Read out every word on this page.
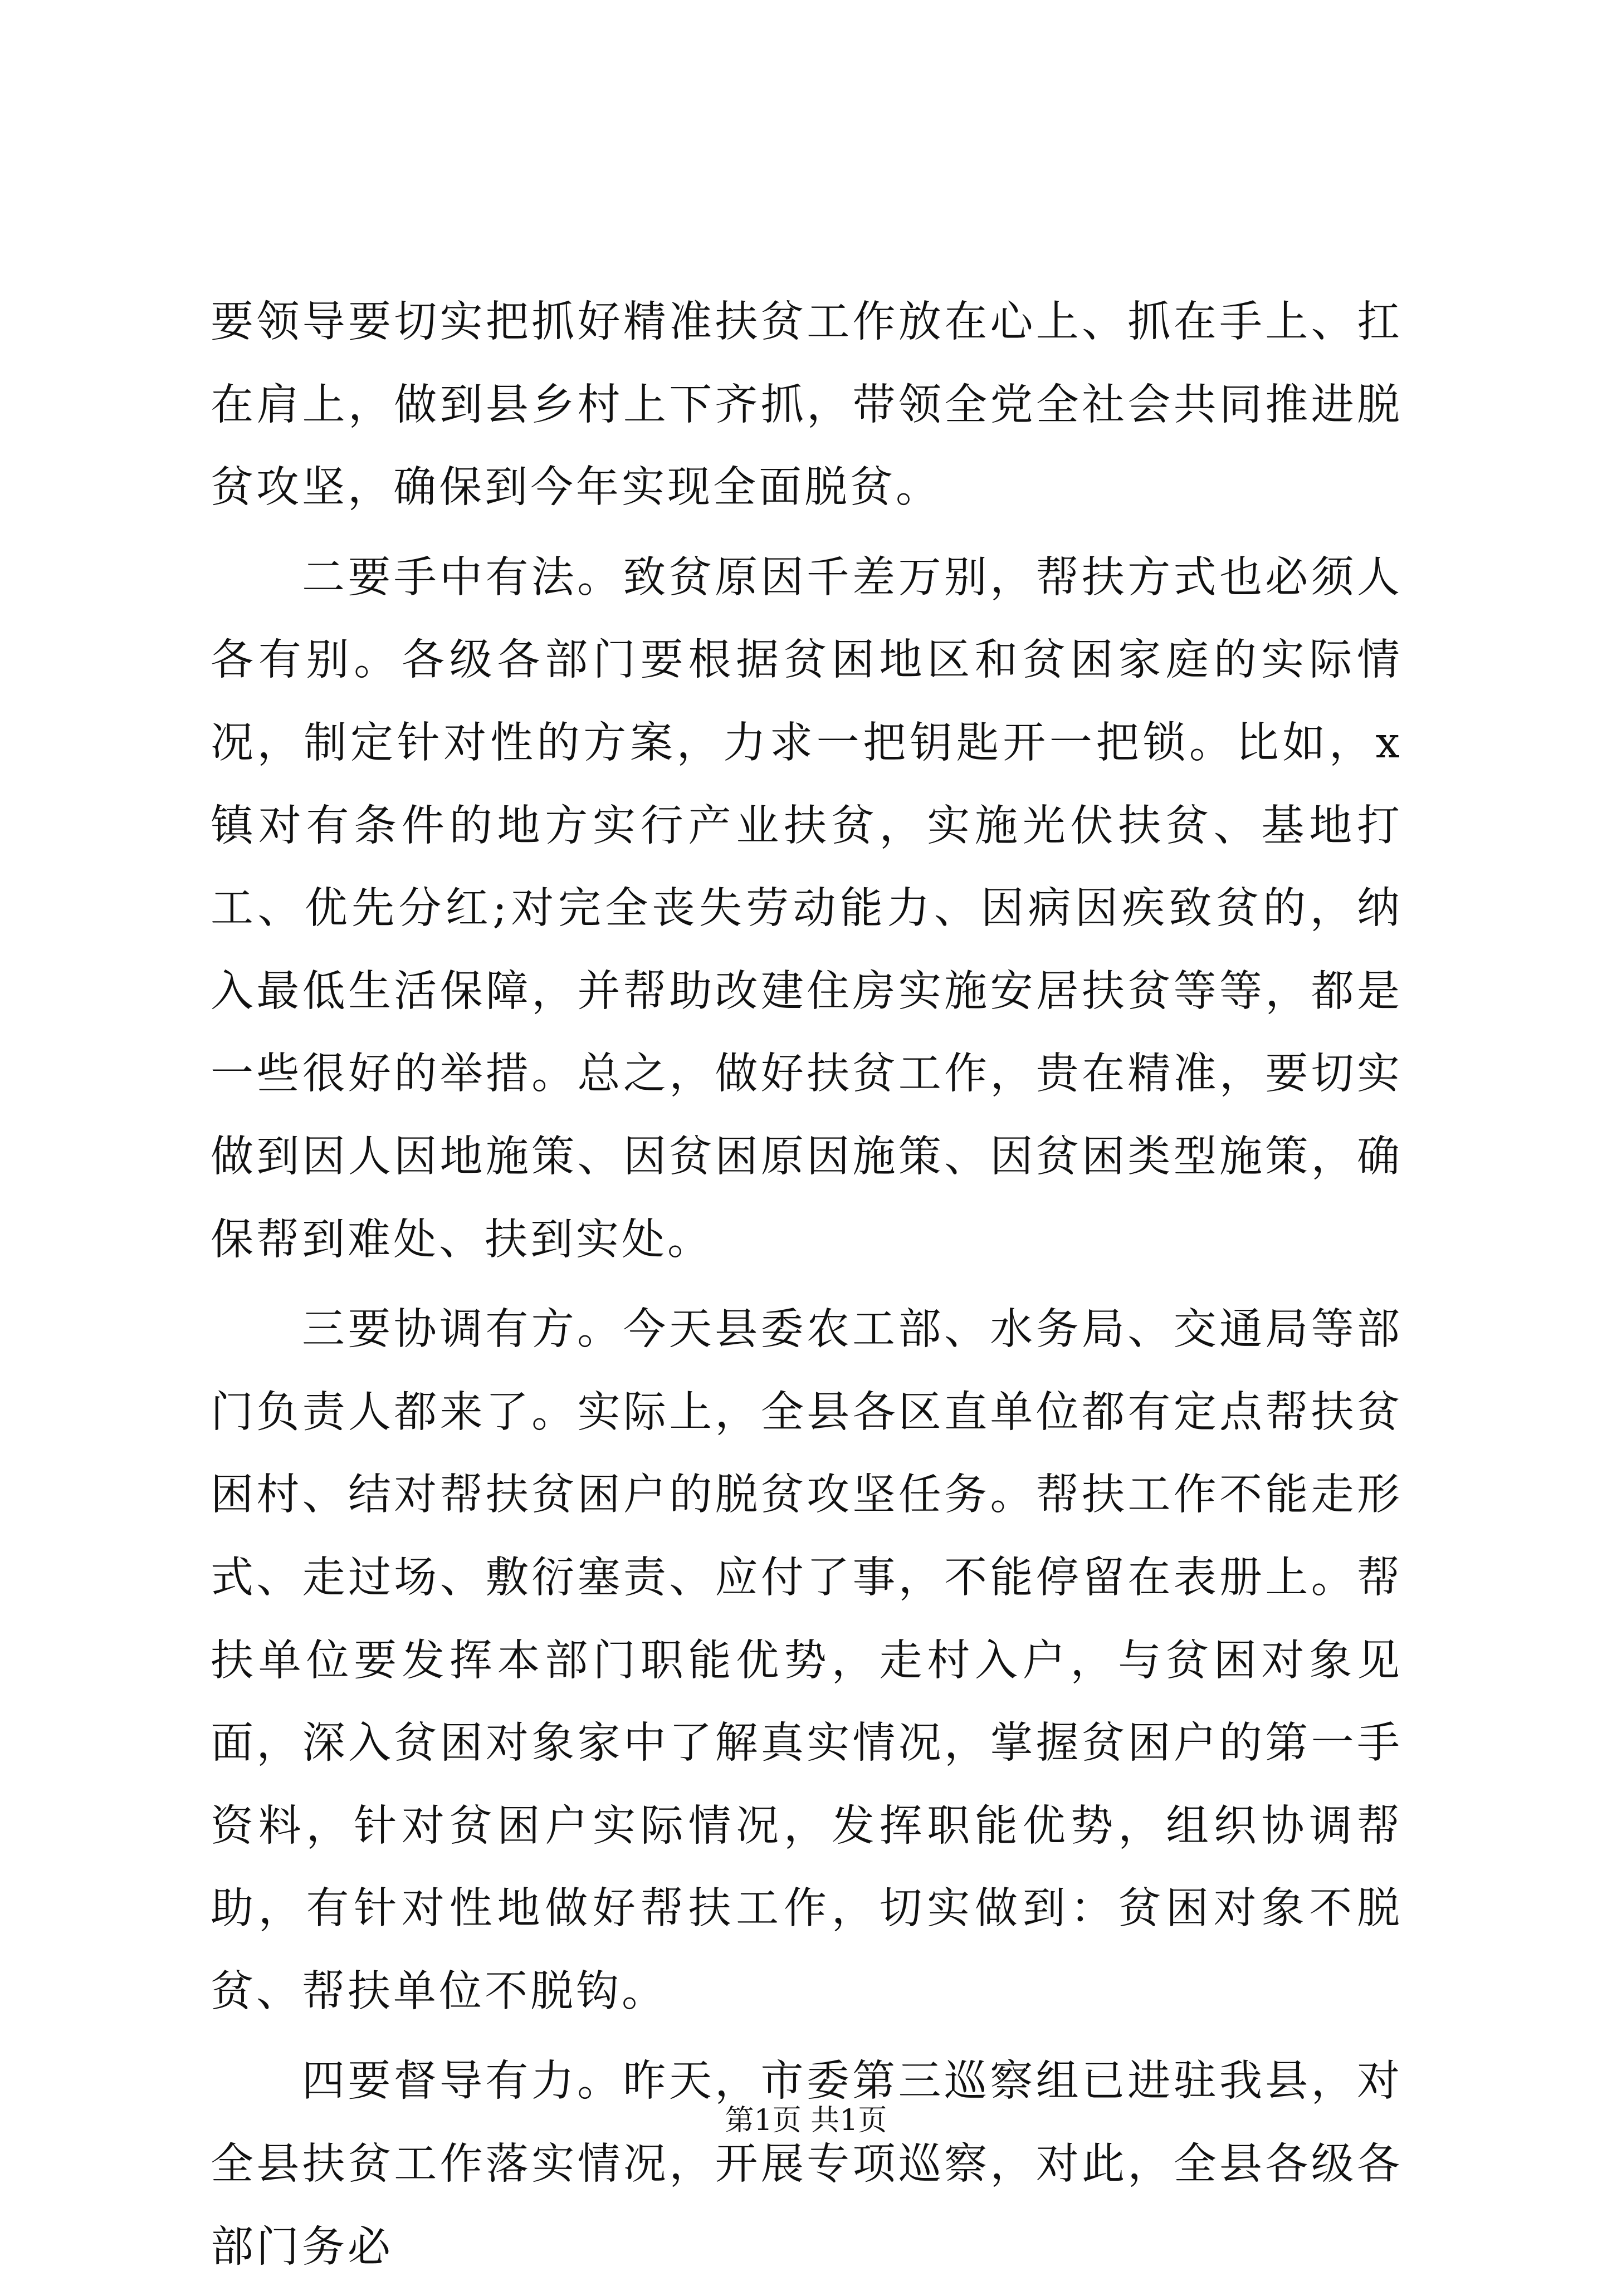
要领导要切实把抓好精准扶贫工作放在心上、抓在手上、扛在肩上，做到县乡村上下齐抓，带领全党全社会共同推进脱贫攻坚，确保到今年实现全面脱贫。

二要手中有法。致贫原因千差万别，帮扶方式也必须人各有别。各级各部门要根据贫困地区和贫困家庭的实际情况，制定针对性的方案，力求一把钥匙开一把锁。比如，x镇对有条件的地方实行产业扶贫，实施光伏扶贫、基地打工、优先分红;对完全丧失劳动能力、因病因疾致贫的，纳入最低生活保障，并帮助改建住房实施安居扶贫等等，都是一些很好的举措。总之，做好扶贫工作，贵在精准，要切实做到因人因地施策、因贫困原因施策、因贫困类型施策，确保帮到难处、扶到实处。

三要协调有方。今天县委农工部、水务局、交通局等部门负责人都来了。实际上，全县各区直单位都有定点帮扶贫困村、结对帮扶贫困户的脱贫攻坚任务。帮扶工作不能走形式、走过场、敷衍塞责、应付了事，不能停留在表册上。帮扶单位要发挥本部门职能优势，走村入户，与贫困对象见面，深入贫困对象家中了解真实情况，掌握贫困户的第一手资料，针对贫困户实际情况，发挥职能优势，组织协调帮助，有针对性地做好帮扶工作，切实做到：贫困对象不脱贫、帮扶单位不脱钩。

四要督导有力。昨天，市委第三巡察组已进驻我县，对全县扶贫工作落实情况，开展专项巡察，对此，全县各级各部门务必

第1页 共1页
